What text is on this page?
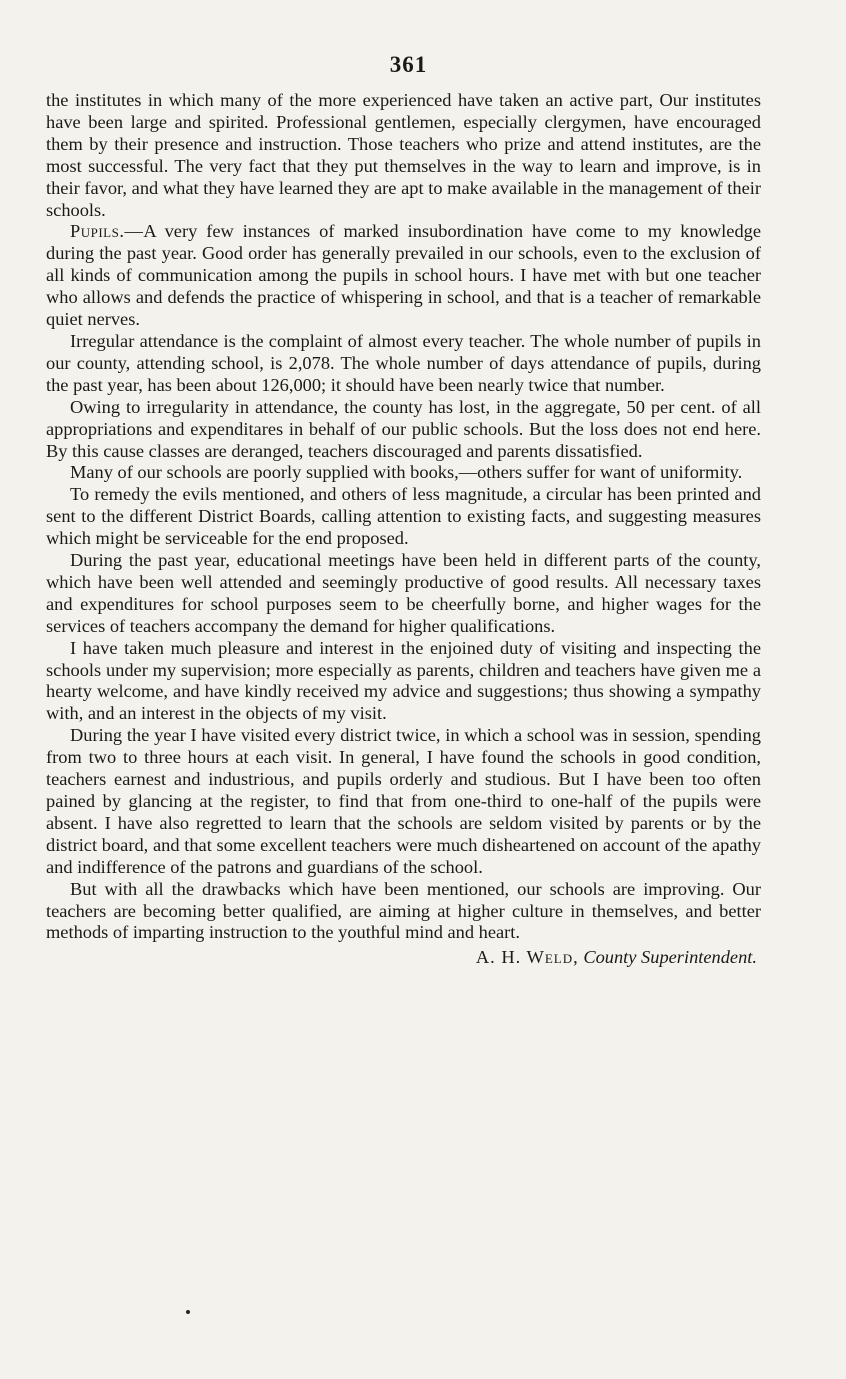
361

the institutes in which many of the more experienced have taken an active part, Our institutes have been large and spirited. Professional gentlemen, especially clergymen, have encouraged them by their presence and instruction. Those teachers who prize and attend institutes, are the most successful. The very fact that they put themselves in the way to learn and improve, is in their favor, and what they have learned they are apt to make available in the management of their schools.

Pupils.—A very few instances of marked insubordination have come to my knowledge during the past year. Good order has generally prevailed in our schools, even to the exclusion of all kinds of communication among the pupils in school hours. I have met with but one teacher who allows and defends the practice of whispering in school, and that is a teacher of remarkable quiet nerves.

Irregular attendance is the complaint of almost every teacher. The whole number of pupils in our county, attending school, is 2,078. The whole number of days attendance of pupils, during the past year, has been about 126,000; it should have been nearly twice that number.

Owing to irregularity in attendance, the county has lost, in the aggregate, 50 per cent. of all appropriations and expenditares in behalf of our public schools. But the loss does not end here. By this cause classes are deranged, teachers discouraged and parents dissatisfied.

Many of our schools are poorly supplied with books,—others suffer for want of uniformity.

To remedy the evils mentioned, and others of less magnitude, a circular has been printed and sent to the different District Boards, calling attention to existing facts, and suggesting measures which might be serviceable for the end proposed.

During the past year, educational meetings have been held in different parts of the county, which have been well attended and seemingly productive of good results. All necessary taxes and expenditures for school purposes seem to be cheerfully borne, and higher wages for the services of teachers accompany the demand for higher qualifications.

I have taken much pleasure and interest in the enjoined duty of visiting and inspecting the schools under my supervision; more especially as parents, children and teachers have given me a hearty welcome, and have kindly received my advice and suggestions; thus showing a sympathy with, and an interest in the objects of my visit.

During the year I have visited every district twice, in which a school was in session, spending from two to three hours at each visit. In general, I have found the schools in good condition, teachers earnest and industrious, and pupils orderly and studious. But I have been too often pained by glancing at the register, to find that from one-third to one-half of the pupils were absent. I have also regretted to learn that the schools are seldom visited by parents or by the district board, and that some excellent teachers were much disheartened on account of the apathy and indifference of the patrons and guardians of the school.

But with all the drawbacks which have been mentioned, our schools are improving. Our teachers are becoming better qualified, are aiming at higher culture in themselves, and better methods of imparting instruction to the youthful mind and heart.

A. H. Weld, County Superintendent.
